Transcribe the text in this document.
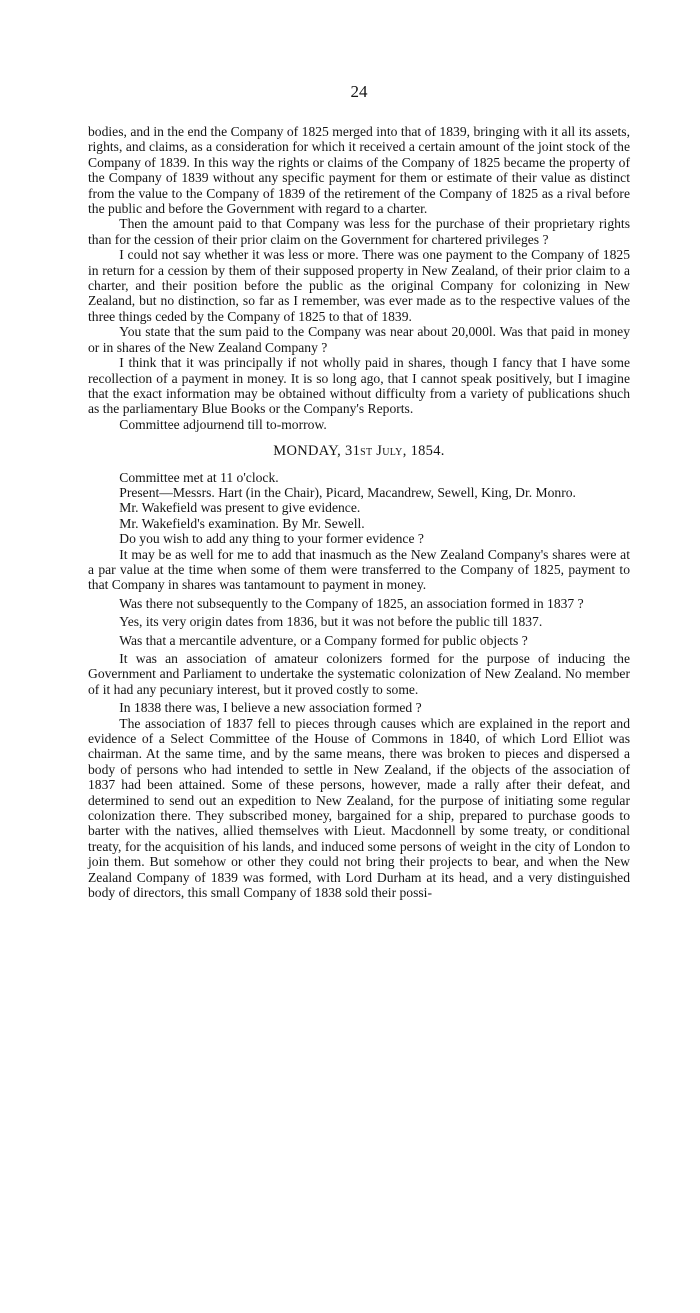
24

bodies, and in the end the Company of 1825 merged into that of 1839, bringing with it all its assets, rights, and claims, as a consideration for which it received a certain amount of the joint stock of the Company of 1839. In this way the rights or claims of the Company of 1825 became the property of the Company of 1839 without any specific payment for them or estimate of their value as distinct from the value to the Company of 1839 of the retirement of the Company of 1825 as a rival before the public and before the Government with regard to a charter.

Then the amount paid to that Company was less for the purchase of their proprietary rights than for the cession of their prior claim on the Government for chartered privileges ?

I could not say whether it was less or more. There was one payment to the Company of 1825 in return for a cession by them of their supposed property in New Zealand, of their prior claim to a charter, and their position before the public as the original Company for colonizing in New Zealand, but no distinction, so far as I remember, was ever made as to the respective values of the three things ceded by the Company of 1825 to that of 1839.

You state that the sum paid to the Company was near about 20,000l. Was that paid in money or in shares of the New Zealand Company ?

I think that it was principally if not wholly paid in shares, though I fancy that I have some recollection of a payment in money. It is so long ago, that I cannot speak positively, but I imagine that the exact information may be obtained without difficulty from a variety of publications shuch as the parliamentary Blue Books or the Company's Reports.

Committee adjournend till to-morrow.

MONDAY, 31st July, 1854.

Committee met at 11 o'clock.

Present—Messrs. Hart (in the Chair), Picard, Macandrew, Sewell, King, Dr. Monro.

Mr. Wakefield was present to give evidence.

Mr. Wakefield's examination. By Mr. Sewell.

Do you wish to add any thing to your former evidence ?

It may be as well for me to add that inasmuch as the New Zealand Company's shares were at a par value at the time when some of them were transferred to the Company of 1825, payment to that Company in shares was tantamount to payment in money.

Was there not subsequently to the Company of 1825, an association formed in 1837 ?

Yes, its very origin dates from 1836, but it was not before the public till 1837.

Was that a mercantile adventure, or a Company formed for public objects ?

It was an association of amateur colonizers formed for the purpose of inducing the Government and Parliament to undertake the systematic colonization of New Zealand. No member of it had any pecuniary interest, but it proved costly to some.

In 1838 there was, I believe a new association formed ?

The association of 1837 fell to pieces through causes which are explained in the report and evidence of a Select Committee of the House of Commons in 1840, of which Lord Elliot was chairman. At the same time, and by the same means, there was broken to pieces and dispersed a body of persons who had intended to settle in New Zealand, if the objects of the association of 1837 had been attained. Some of these persons, however, made a rally after their defeat, and determined to send out an expedition to New Zealand, for the purpose of initiating some regular colonization there. They subscribed money, bargained for a ship, prepared to purchase goods to barter with the natives, allied themselves with Lieut. Macdonnell by some treaty, or conditional treaty, for the acquisition of his lands, and induced some persons of weight in the city of London to join them. But somehow or other they could not bring their projects to bear, and when the New Zealand Company of 1839 was formed, with Lord Durham at its head, and a very distinguished body of directors, this small Company of 1838 sold their possi-
